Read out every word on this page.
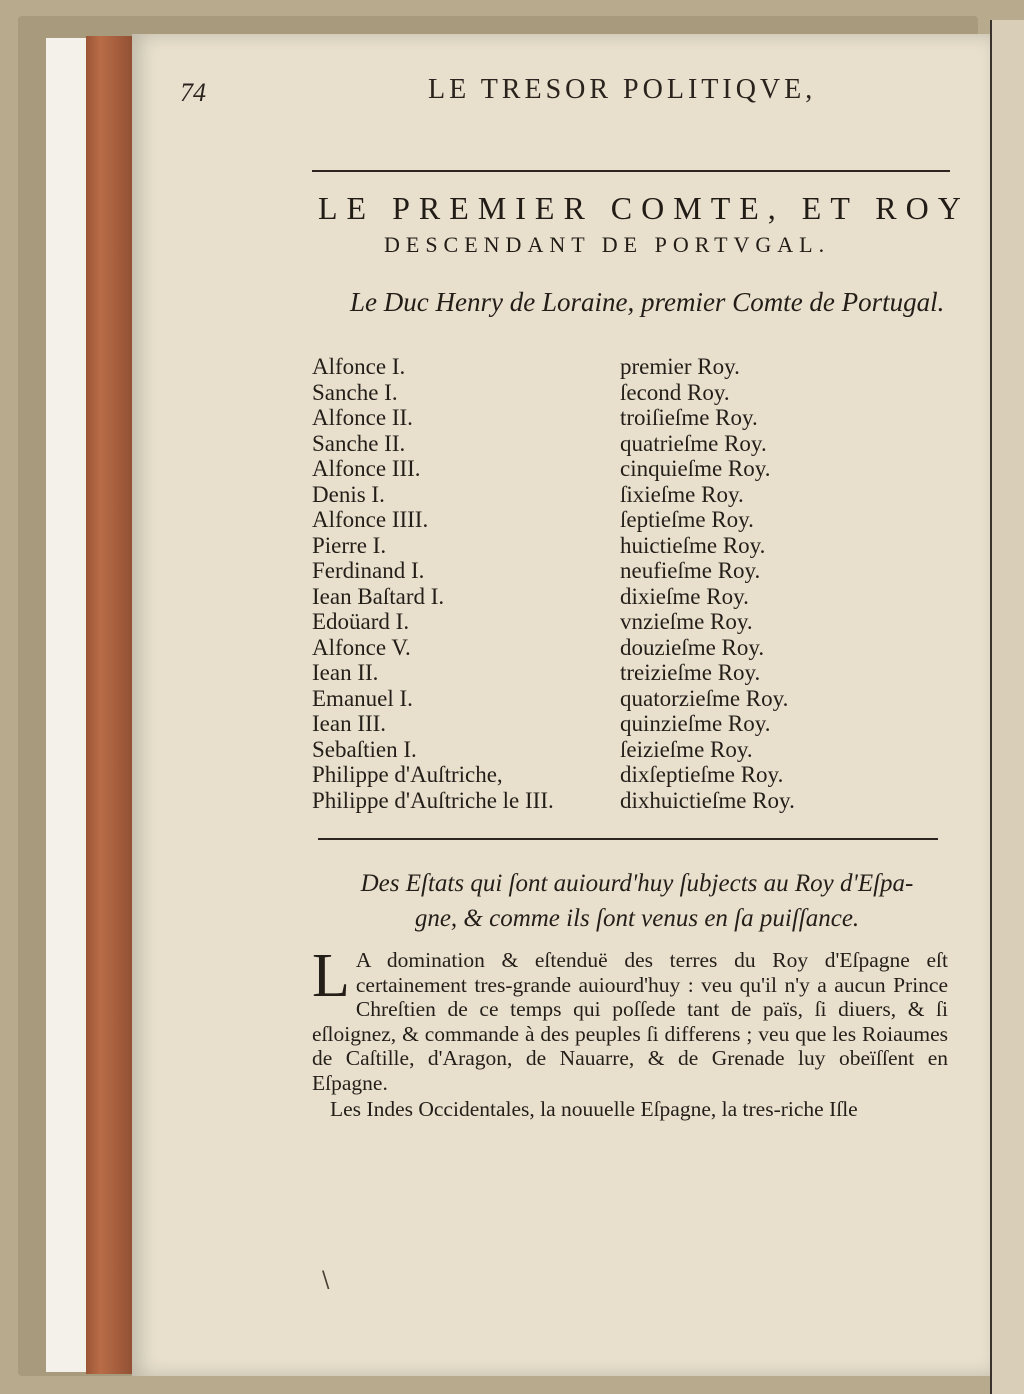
74	LE TRESOR POLITIQVE,
LE PREMIER COMTE, ET ROY
DESCENDANT DE PORTVGAL.
Le Duc Henry de Loraine, premier Comte de Portugal.
Alfonce I.	premier Roy.
Sanche I.	ſecond Roy.
Alfonce II.	troiſieſme Roy.
Sanche II.	quatrieſme Roy.
Alfonce III.	cinquieſme Roy.
Denis I.	ſixieſme Roy.
Alfonce IIII.	ſeptieſme Roy.
Pierre I.	huictieſme Roy.
Ferdinand I.	neufieſme Roy.
Iean Baſtard I.	dixieſme Roy.
Edoüard I.	vnzieſme Roy.
Alfonce V.	douzieſme Roy.
Iean II.	treizieſme Roy.
Emanuel I.	quatorzieſme Roy.
Iean III.	quinzieſme Roy.
Sebaſtien I.	ſeizieſme Roy.
Philippe d'Auſtriche,	dixſeptieſme Roy.
Philippe d'Auſtriche le III.	dixhuictieſme Roy.
Des Eſtats qui ſont auiourd'huy ſubjects au Roy d'Eſpa-
gne, & comme ils ſont venus en ſa puiſſance.
L A domination & eſtenduë des terres du Roy d'Eſpagne eſt certainement tres-grande auiourd'huy : veu qu'il n'y a aucun Prince Chreſtien de ce temps qui poſſede tant de païs, ſi diuers, & ſi eſloignez, & commande à des peuples ſi differens ; veu que les Roiaumes de Caſtille, d'Aragon, de Nauarre, & de Grenade luy obeïſſent en Eſpagne.

Les Indes Occidentales, la nouuelle Eſpagne, la tres-riche Iſle

\
